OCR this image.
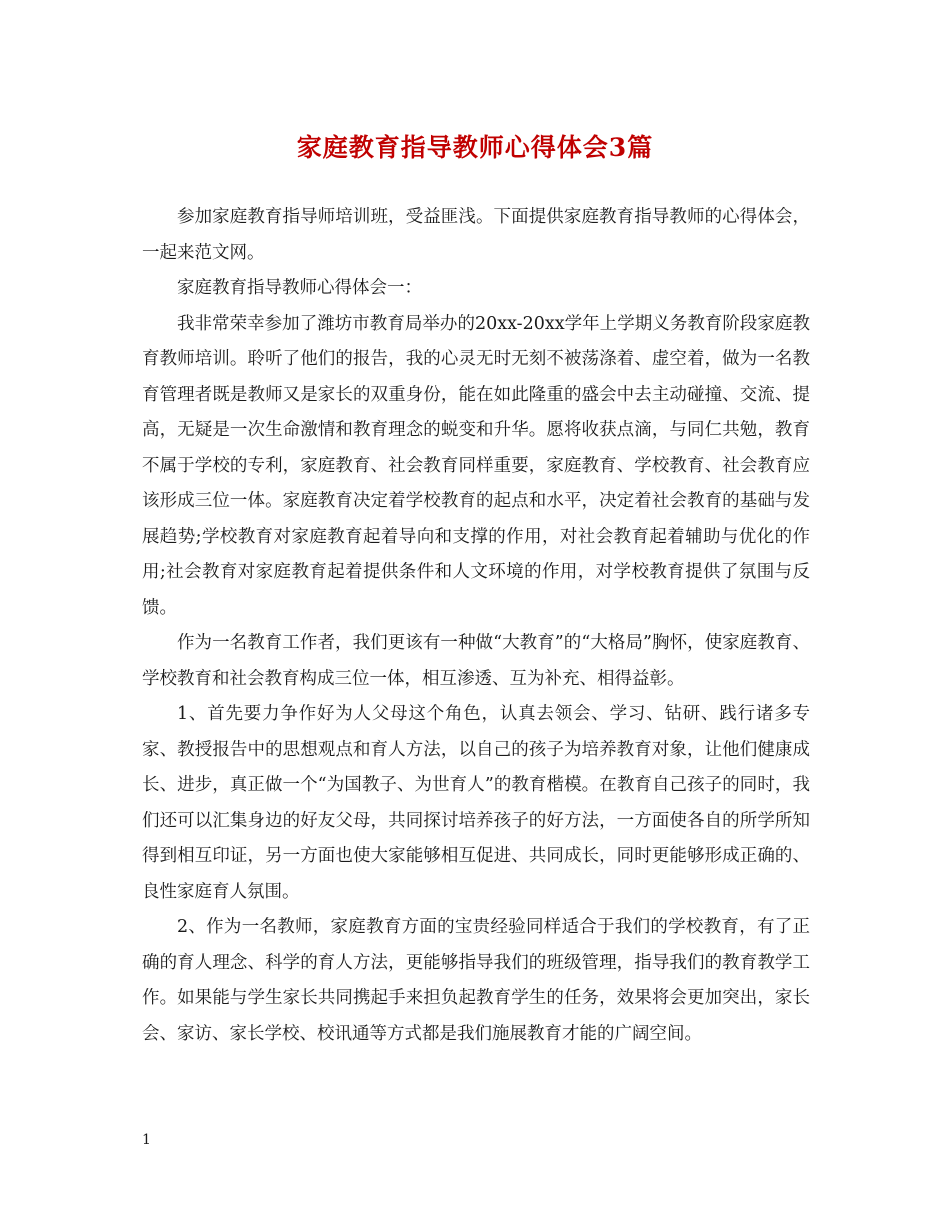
家庭教育指导教师心得体会3篇

参加家庭教育指导师培训班，受益匪浅。下面提供家庭教育指导教师的心得体会，一起来范文网。

家庭教育指导教师心得体会一：

我非常荣幸参加了潍坊市教育局举办的20xx-20xx学年上学期义务教育阶段家庭教育教师培训。聆听了他们的报告，我的心灵无时无刻不被荡涤着、虚空着，做为一名教育管理者既是教师又是家长的双重身份，能在如此隆重的盛会中去主动碰撞、交流、提高，无疑是一次生命激情和教育理念的蜕变和升华。愿将收获点滴，与同仁共勉，教育不属于学校的专利，家庭教育、社会教育同样重要，家庭教育、学校教育、社会教育应该形成三位一体。家庭教育决定着学校教育的起点和水平，决定着社会教育的基础与发展趋势;学校教育对家庭教育起着导向和支撑的作用，对社会教育起着辅助与优化的作用;社会教育对家庭教育起着提供条件和人文环境的作用，对学校教育提供了氛围与反馈。

作为一名教育工作者，我们更该有一种做“大教育”的“大格局”胸怀，使家庭教育、学校教育和社会教育构成三位一体，相互渗透、互为补充、相得益彰。

1、首先要力争作好为人父母这个角色，认真去领会、学习、钻研、践行诸多专家、教授报告中的思想观点和育人方法，以自己的孩子为培养教育对象，让他们健康成长、进步，真正做一个“为国教子、为世育人”的教育楷模。在教育自己孩子的同时，我们还可以汇集身边的好友父母，共同探讨培养孩子的好方法，一方面使各自的所学所知得到相互印证，另一方面也使大家能够相互促进、共同成长，同时更能够形成正确的、良性家庭育人氛围。

2、作为一名教师，家庭教育方面的宝贵经验同样适合于我们的学校教育，有了正确的育人理念、科学的育人方法，更能够指导我们的班级管理，指导我们的教育教学工作。如果能与学生家长共同携起手来担负起教育学生的任务，效果将会更加突出，家长会、家访、家长学校、校讯通等方式都是我们施展教育才能的广阔空间。

1
